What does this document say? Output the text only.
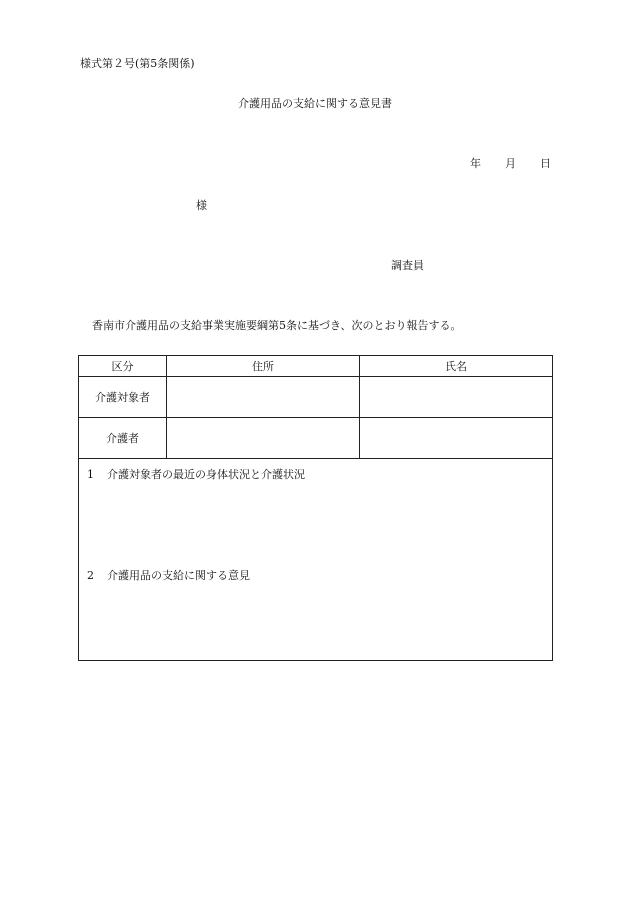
様式第２号(第5条関係)
介護用品の支給に関する意見書
年 月 日
様
調査員
香南市介護用品の支給事業実施要綱第5条に基づき、次のとおり報告する。
区分	住所	氏名
介護対象者		
介護者		

1 介護対象者の最近の身体状況と介護状況
2 介護用品の支給に関する意見		
